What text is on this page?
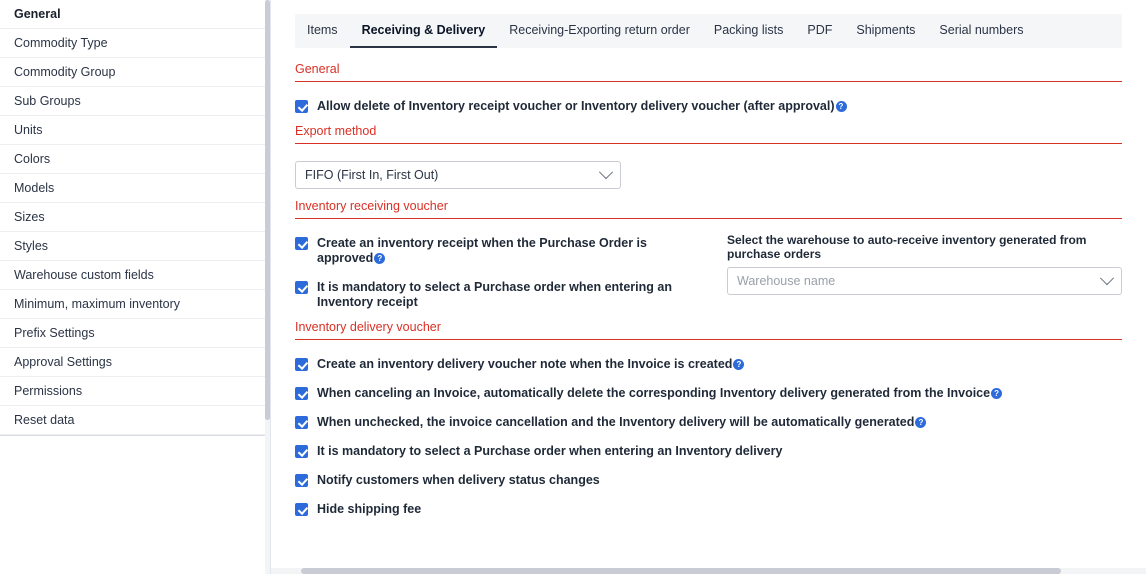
General
Commodity Type
Commodity Group
Sub Groups
Units
Colors
Models
Sizes
Styles
Warehouse custom fields
Minimum, maximum inventory
Prefix Settings
Approval Settings
Permissions
Reset data
Items	Receiving & Delivery	Receiving-Exporting return order	Packing lists	PDF	Shipments	Serial numbers
General
Allow delete of Inventory receipt voucher or Inventory delivery voucher (after approval) ?
Export method
FIFO (First In, First Out)
Inventory receiving voucher
Create an inventory receipt when the Purchase Order is approved ?
It is mandatory to select a Purchase order when entering an Inventory receipt
Select the warehouse to auto-receive inventory generated from purchase orders
Warehouse name
Inventory delivery voucher
Create an inventory delivery voucher note when the Invoice is created ?
When canceling an Invoice, automatically delete the corresponding Inventory delivery generated from the Invoice ?
When unchecked, the invoice cancellation and the Inventory delivery will be automatically generated ?
It is mandatory to select a Purchase order when entering an Inventory delivery
Notify customers when delivery status changes
Hide shipping fee
